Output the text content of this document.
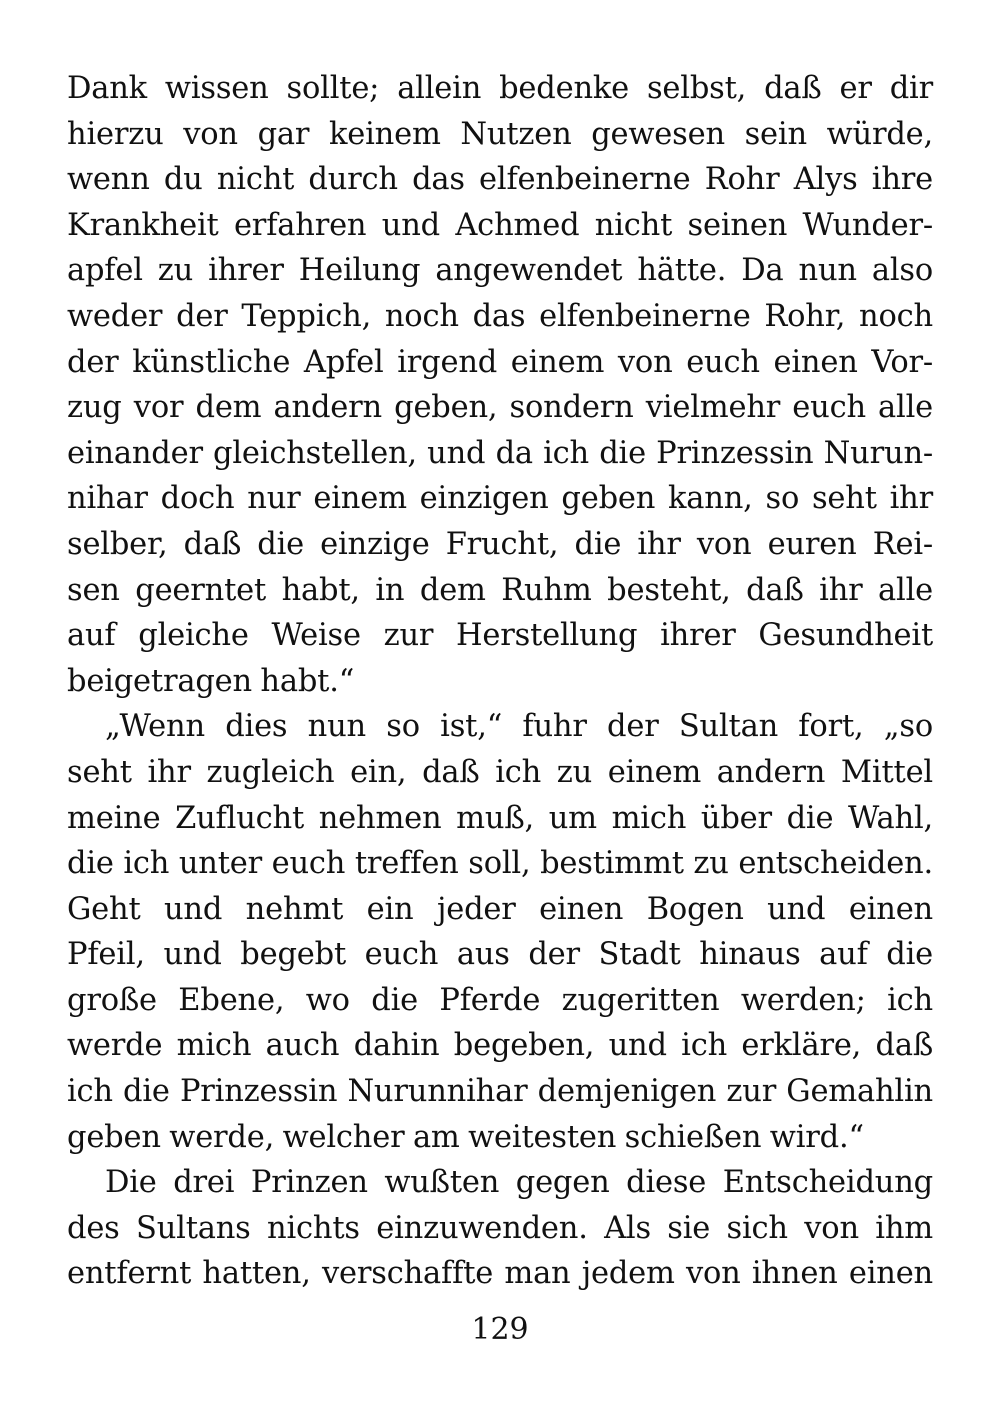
Dank wissen sollte; allein bedenke selbst, daß er dir
hierzu von gar keinem Nutzen gewesen sein würde,
wenn du nicht durch das elfenbeinerne Rohr Alys ihre
Krankheit erfahren und Achmed nicht seinen Wunder-
apfel zu ihrer Heilung angewendet hätte. Da nun also
weder der Teppich, noch das elfenbeinerne Rohr, noch
der künstliche Apfel irgend einem von euch einen Vor-
zug vor dem andern geben, sondern vielmehr euch alle
einander gleichstellen, und da ich die Prinzessin Nurun-
nihar doch nur einem einzigen geben kann, so seht ihr
selber, daß die einzige Frucht, die ihr von euren Rei-
sen geerntet habt, in dem Ruhm besteht, daß ihr alle
auf gleiche Weise zur Herstellung ihrer Gesundheit
beigetragen habt.“
„Wenn dies nun so ist,“ fuhr der Sultan fort, „so
seht ihr zugleich ein, daß ich zu einem andern Mittel
meine Zuflucht nehmen muß, um mich über die Wahl,
die ich unter euch treffen soll, bestimmt zu entscheiden.
Geht und nehmt ein jeder einen Bogen und einen
Pfeil, und begebt euch aus der Stadt hinaus auf die
große Ebene, wo die Pferde zugeritten werden; ich
werde mich auch dahin begeben, und ich erkläre, daß
ich die Prinzessin Nurunnihar demjenigen zur Gemahlin
geben werde, welcher am weitesten schießen wird.“
Die drei Prinzen wußten gegen diese Entscheidung
des Sultans nichts einzuwenden. Als sie sich von ihm
entfernt hatten, verschaffte man jedem von ihnen einen
129
